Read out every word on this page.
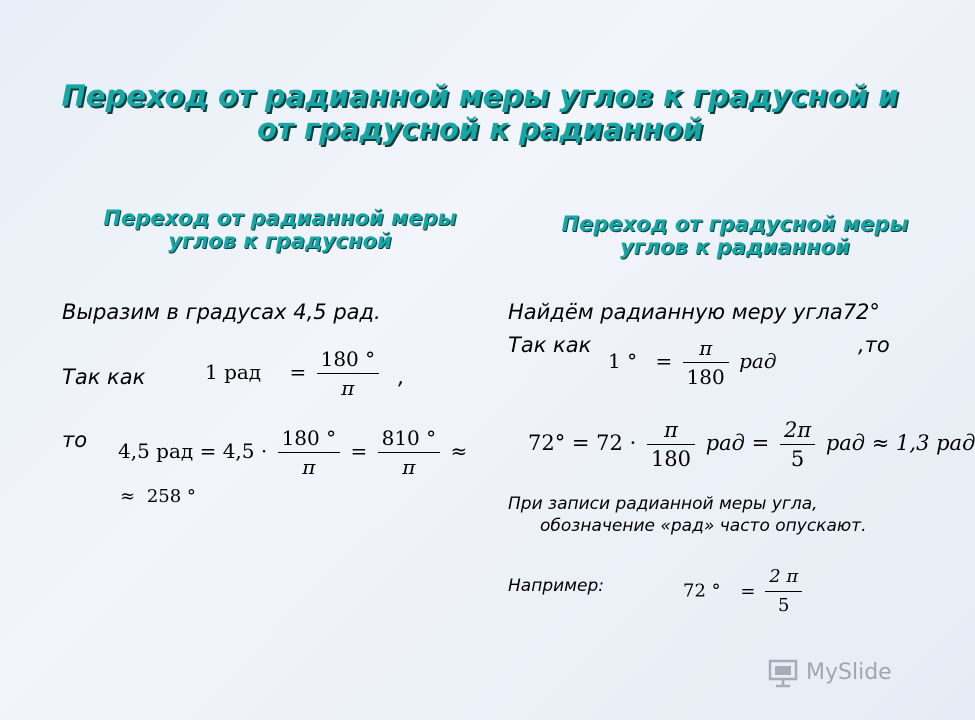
Переход от радианной меры углов к градусной и от градусной к радианной
Переход от радианной меры углов к градусной
Выразим в градусах 4,5 рад.
Так как	1 рад = $\frac{180 ^\circ}{\pi}$ ,
то 4,5 рад = $4,5 \cdot \frac{180 ^\circ}{\pi} = \frac{810 ^\circ}{\pi}$ ≈
≈ 258 °
Переход от градусной меры углов к радианной
Найдём радианную меру угла72°
Так как
1 ° = $\frac{\pi}{180}$ рад
,то
$72^\circ = 72 \cdot \frac{\pi}{180}$ рад = $\frac{2\pi}{5}$ рад ≈ 1,3 рад
При записи радианной меры угла, обозначение «рад» часто опускают.
Например:	72 ° = $\frac{2 \pi}{5}$
MySlide
